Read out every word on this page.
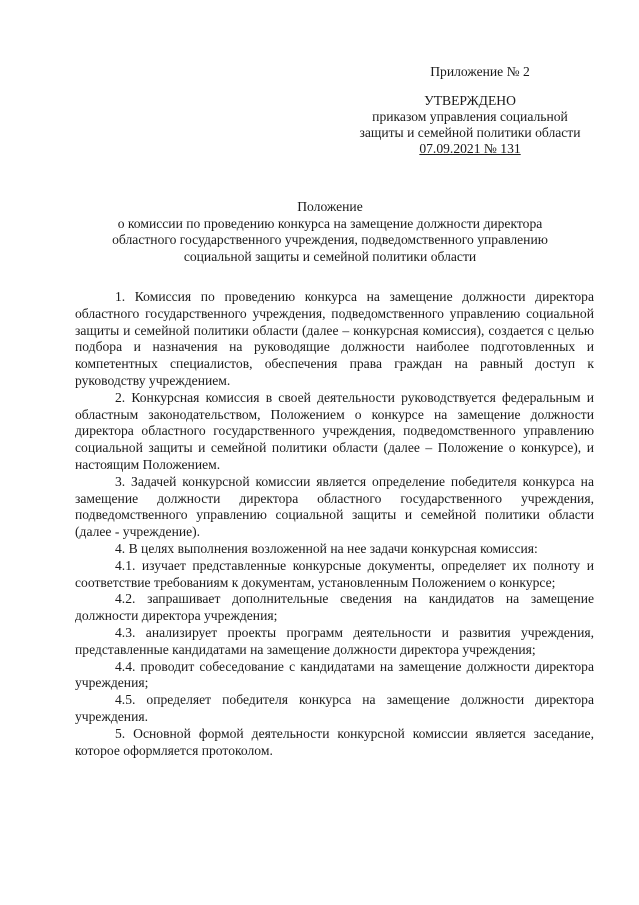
Приложение № 2
УТВЕРЖДЕНО
приказом управления социальной
защиты и семейной политики области
07.09.2021 № 131
Положение
о комиссии по проведению конкурса на замещение должности директора
областного государственного учреждения, подведомственного управлению
социальной защиты и семейной политики области

1. Комиссия по проведению конкурса на замещение должности директора областного государственного учреждения, подведомственного управлению социальной защиты и семейной политики области (далее – конкурсная комиссия), создается с целью подбора и назначения на руководящие должности наиболее подготовленных и компетентных специалистов, обеспечения права граждан на равный доступ к руководству учреждением.

2. Конкурсная комиссия в своей деятельности руководствуется федеральным и областным законодательством, Положением о конкурсе на замещение должности директора областного государственного учреждения, подведомственного управлению социальной защиты и семейной политики области (далее – Положение о конкурсе), и настоящим Положением.

3. Задачей конкурсной комиссии является определение победителя конкурса на замещение должности директора областного государственного учреждения, подведомственного управлению социальной защиты и семейной политики области (далее - учреждение).

4. В целях выполнения возложенной на нее задачи конкурсная комиссия:

4.1. изучает представленные конкурсные документы, определяет их полноту и соответствие требованиям к документам, установленным Положением о конкурсе;

4.2. запрашивает дополнительные сведения на кандидатов на замещение должности директора учреждения;

4.3. анализирует проекты программ деятельности и развития учреждения, представленные кандидатами на замещение должности директора учреждения;

4.4. проводит собеседование с кандидатами на замещение должности директора учреждения;

4.5. определяет победителя конкурса на замещение должности директора учреждения.

5. Основной формой деятельности конкурсной комиссии является заседание, которое оформляется протоколом.
